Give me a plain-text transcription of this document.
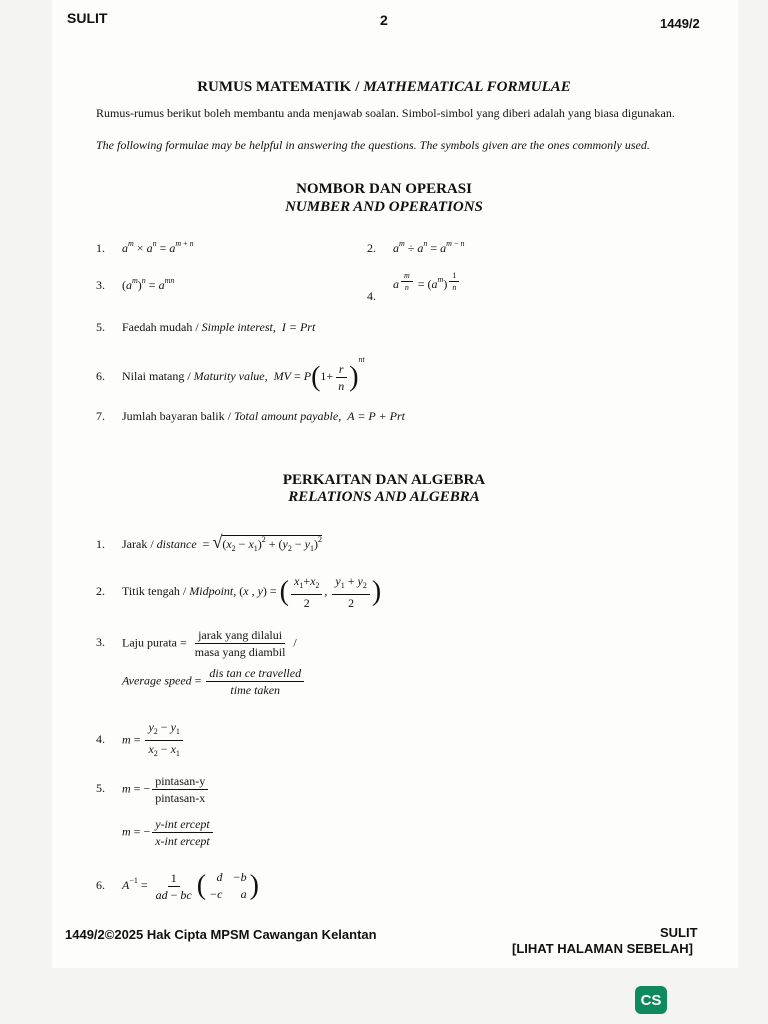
SULIT	2	1449/2
RUMUS MATEMATIK / MATHEMATICAL FORMULAE
Rumus-rumus berikut boleh membantu anda menjawab soalan. Simbol-simbol yang diberi adalah yang biasa digunakan.
The following formulae may be helpful in answering the questions. The symbols given are the ones commonly used.
NOMBOR DAN OPERASI
NUMBER AND OPERATIONS
1. $a^m \times a^n = a^{m + n}$	2. $a^m \div a^n = a^{m - n}$
3. $(a^m)^n = a^{mn}$
$4.a \frac{m}{n} = (a^m) \frac{1}{n}$
5. Faedah mudah / Simple interest, I = Prt
6. Nilai matang / Maturity value, MV = $P(1+ \frac{r}{n} )^{nt}$
7. Jumlah bayaran balik / Total amount payable, A = P + Prt
PERKAITAN DAN ALGEBRA
RELATIONS AND ALGEBRA
1. Jarak / distance  = $√(x_2 - x_1)^2 + (y_2 - y_1)^2$
2. Titik tengah / Midpoint, (x , y) = ( $\frac{x_1+x_2}{2}$ , $\frac{y_1 + y_2}{2}$ )
3. Laju purata = $\frac{\text{jarak yang dilalui}}{\text{masa yang diambil}}$ /
Average speed = $\frac{\text{dis tan ce travelled}}{\text{time taken}}$
4. $m = \frac{y_2 - y_1}{x_2 - x_1}$
5. m = − $\frac{\text{pintasan-y}}{\text{pintasan-x}}$
m = − $\frac{\text{y-int ercept}}{\text{x-int ercept}}$
6. $A^{-1} = \frac{1}{ad - bc}$ ( d −b
−c	a )
1449/2©2025 Hak Cipta MPSM Cawangan Kelantan	SULIT
[LIHAT HALAMAN SEBELAH]
CS
